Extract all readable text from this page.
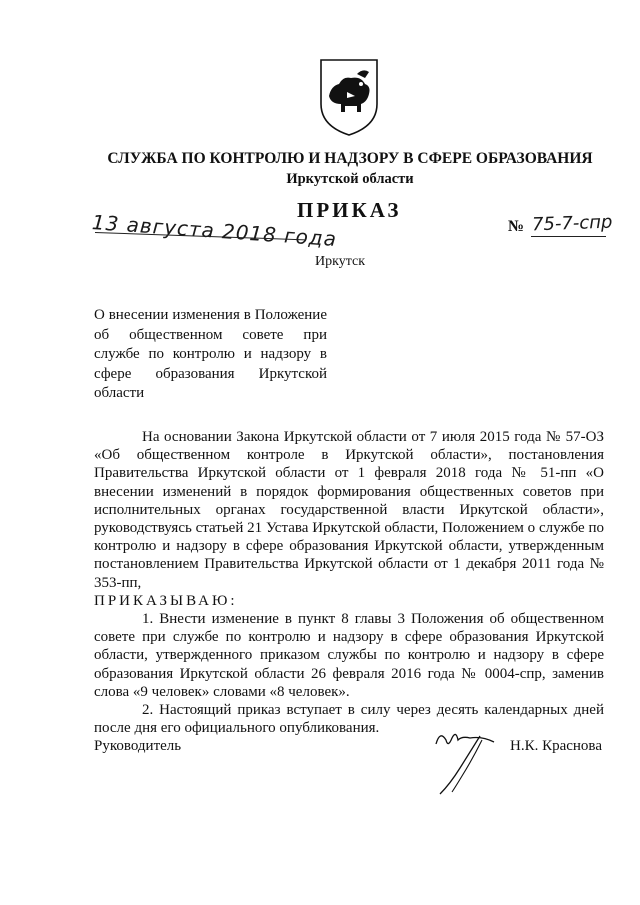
СЛУЖБА ПО КОНТРОЛЮ И НАДЗОРУ В СФЕРЕ ОБРАЗОВАНИЯ
Иркутской области
ПРИКАЗ
13 августа 2018 года	№ 75-7-спр
Иркутск
О внесении изменения в Положение об общественном совете при службе по контролю и надзору в сфере образования Иркутской области

На основании Закона Иркутской области от 7 июля 2015 года № 57-ОЗ «Об общественном контроле в Иркутской области», постановления Правительства Иркутской области от 1 февраля 2018 года № 51-пп «О внесении изменений в порядок формирования общественных советов при исполнительных органах государственной власти Иркутской области», руководствуясь статьей 21 Устава Иркутской области, Положением о службе по контролю и надзору в сфере образования Иркутской области, утвержденным постановлением Правительства Иркутской области от 1 декабря 2011 года № 353-пп,

ПРИКАЗЫВАЮ:

1. Внести изменение в пункт 8 главы 3 Положения об общественном совете при службе по контролю и надзору в сфере образования Иркутской области, утвержденного приказом службы по контролю и надзору в сфере образования Иркутской области 26 февраля 2016 года № 0004-спр, заменив слова «9 человек» словами «8 человек».

2. Настоящий приказ вступает в силу через десять календарных дней после дня его официального опубликования.

Руководитель	Н.К. Краснова
